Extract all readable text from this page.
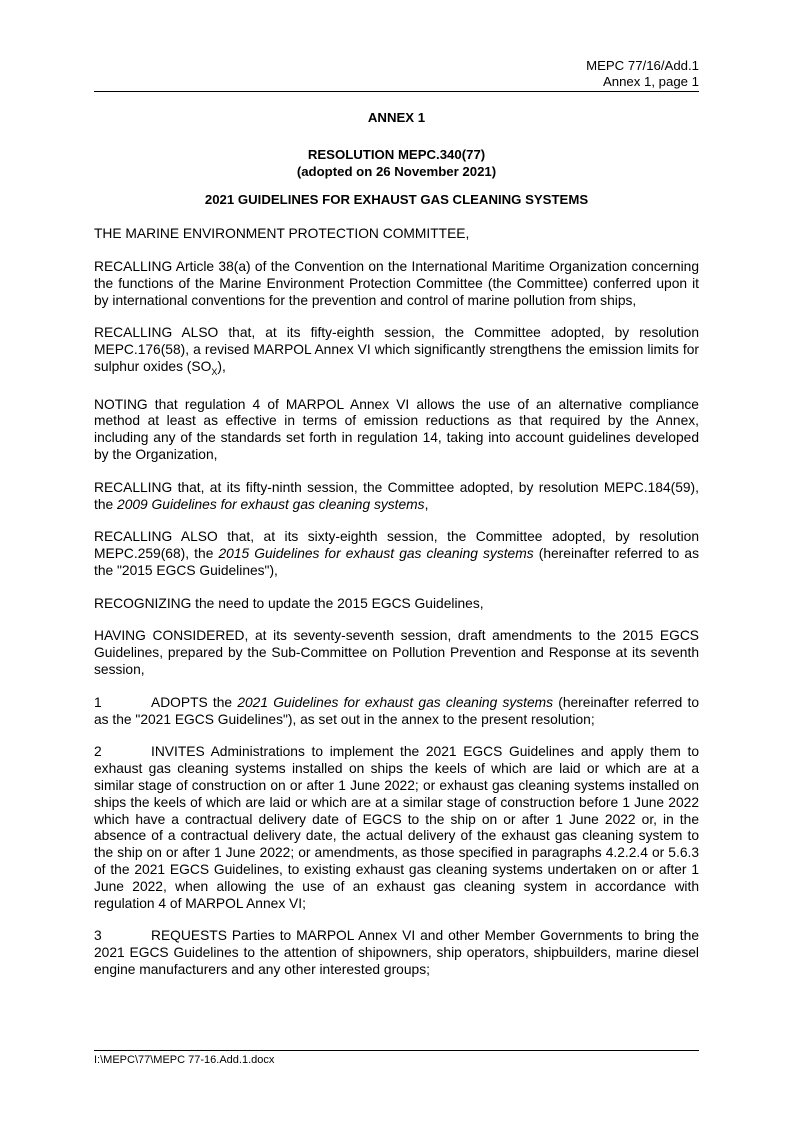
MEPC 77/16/Add.1
Annex 1, page 1

ANNEX 1

RESOLUTION MEPC.340(77)

(adopted on 26 November 2021)

2021 GUIDELINES FOR EXHAUST GAS CLEANING SYSTEMS

THE MARINE ENVIRONMENT PROTECTION COMMITTEE,

RECALLING Article 38(a) of the Convention on the International Maritime Organization concerning the functions of the Marine Environment Protection Committee (the Committee) conferred upon it by international conventions for the prevention and control of marine pollution from ships,

RECALLING ALSO that, at its fifty-eighth session, the Committee adopted, by resolution MEPC.176(58), a revised MARPOL Annex VI which significantly strengthens the emission limits for sulphur oxides $(SO_X)$,

NOTING that regulation 4 of MARPOL Annex VI allows the use of an alternative compliance method at least as effective in terms of emission reductions as that required by the Annex, including any of the standards set forth in regulation 14, taking into account guidelines developed by the Organization,

RECALLING that, at its fifty-ninth session, the Committee adopted, by resolution MEPC.184(59), the 2009 Guidelines for exhaust gas cleaning systems,

RECALLING ALSO that, at its sixty-eighth session, the Committee adopted, by resolution MEPC.259(68), the 2015 Guidelines for exhaust gas cleaning systems (hereinafter referred to as the "2015 EGCS Guidelines"),

RECOGNIZING the need to update the 2015 EGCS Guidelines,

HAVING CONSIDERED, at its seventy-seventh session, draft amendments to the 2015 EGCS Guidelines, prepared by the Sub-Committee on Pollution Prevention and Response at its seventh session,

1	ADOPTS the 2021 Guidelines for exhaust gas cleaning systems (hereinafter referred to as the "2021 EGCS Guidelines"), as set out in the annex to the present resolution;

2	INVITES Administrations to implement the 2021 EGCS Guidelines and apply them to exhaust gas cleaning systems installed on ships the keels of which are laid or which are at a similar stage of construction on or after 1 June 2022; or exhaust gas cleaning systems installed on ships the keels of which are laid or which are at a similar stage of construction before 1 June 2022 which have a contractual delivery date of EGCS to the ship on or after 1 June 2022 or, in the absence of a contractual delivery date, the actual delivery of the exhaust gas cleaning system to the ship on or after 1 June 2022; or amendments, as those specified in paragraphs 4.2.2.4 or 5.6.3 of the 2021 EGCS Guidelines, to existing exhaust gas cleaning systems undertaken on or after 1 June 2022, when allowing the use of an exhaust gas cleaning system in accordance with regulation 4 of MARPOL Annex VI;

3	REQUESTS Parties to MARPOL Annex VI and other Member Governments to bring the 2021 EGCS Guidelines to the attention of shipowners, ship operators, shipbuilders, marine diesel engine manufacturers and any other interested groups;

I:\MEPC\77\MEPC 77-16.Add.1.docx
